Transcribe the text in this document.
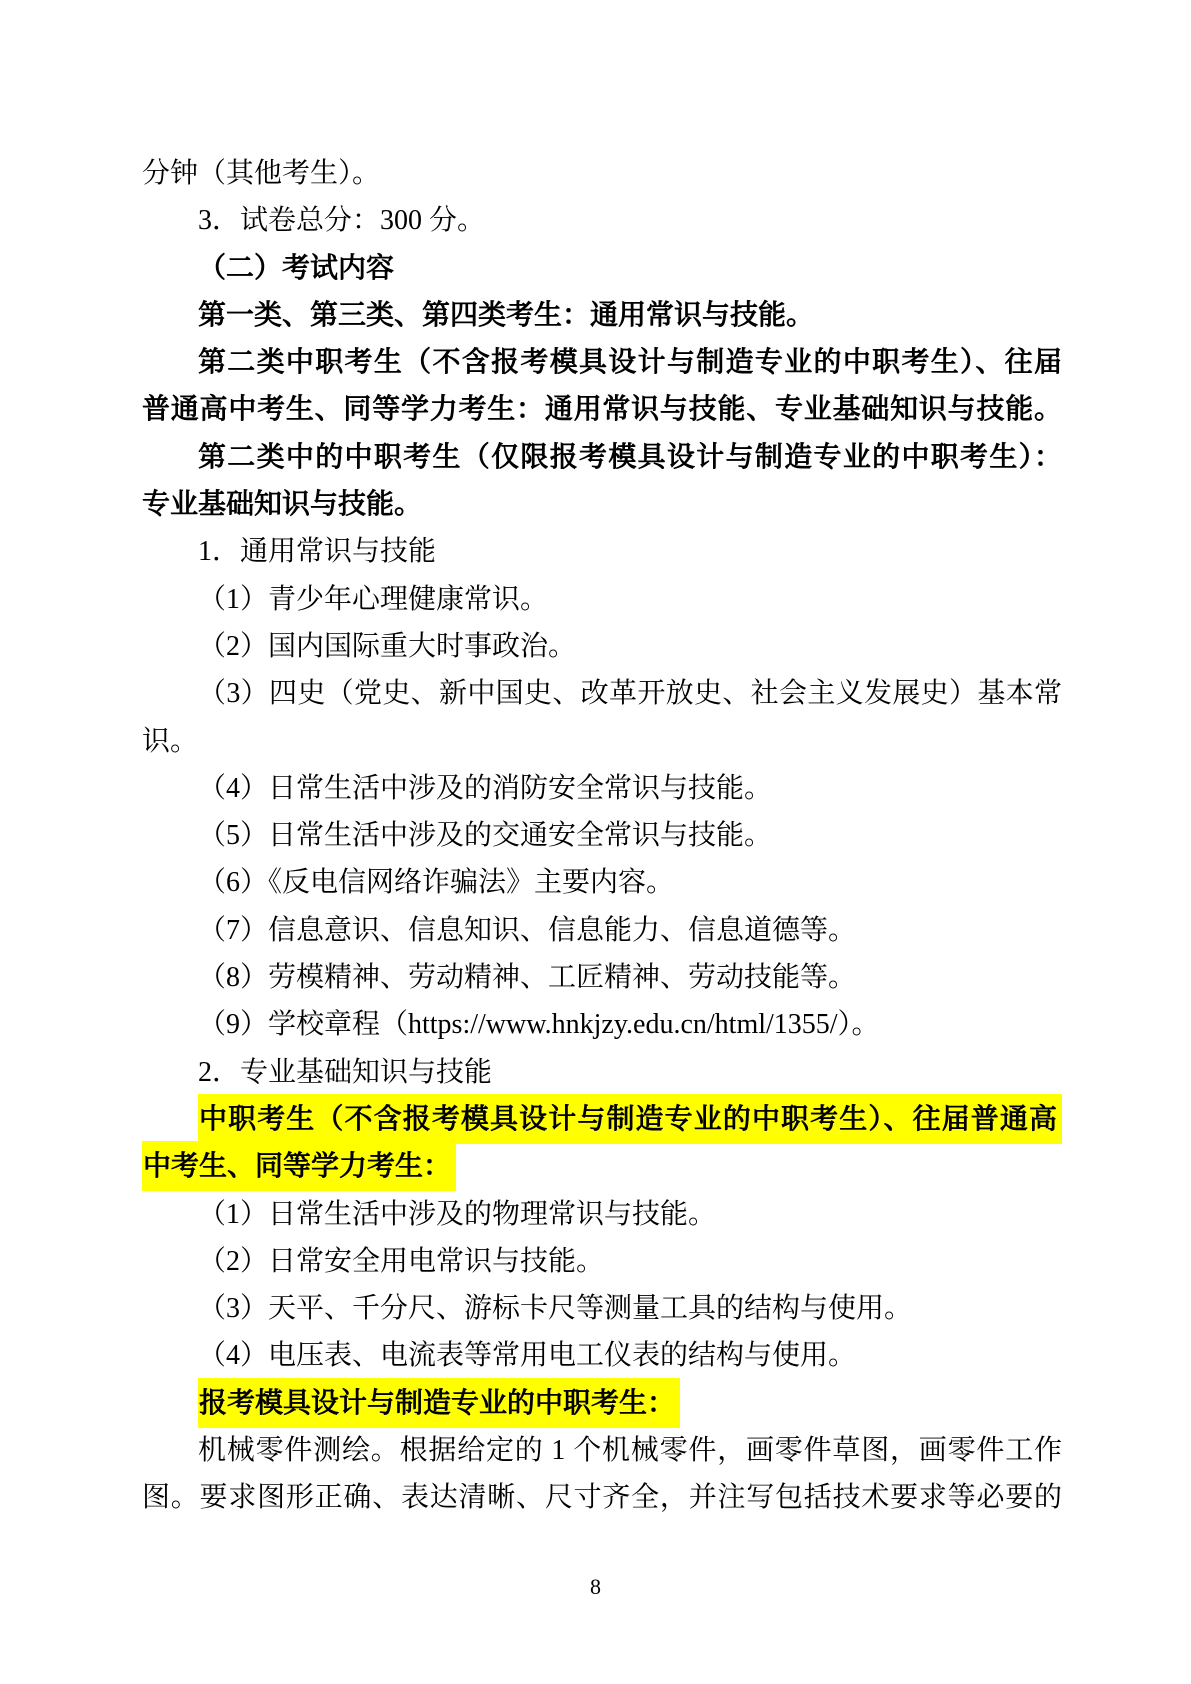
分钟（其他考生）。
3．试卷总分：300 分。
（二）考试内容
第一类、第三类、第四类考生：通用常识与技能。
第二类中职考生（不含报考模具设计与制造专业的中职考生）、往届
普通高中考生、同等学力考生：通用常识与技能、专业基础知识与技能。
第二类中的中职考生（仅限报考模具设计与制造专业的中职考生）：
专业基础知识与技能。
1．通用常识与技能
（1）青少年心理健康常识。
（2）国内国际重大时事政治。
（3）四史（党史、新中国史、改革开放史、社会主义发展史）基本常
识。
（4）日常生活中涉及的消防安全常识与技能。
（5）日常生活中涉及的交通安全常识与技能。
（6）《反电信网络诈骗法》主要内容。
（7）信息意识、信息知识、信息能力、信息道德等。
（8）劳模精神、劳动精神、工匠精神、劳动技能等。
（9）学校章程（https://www.hnkjzy.edu.cn/html/1355/）。
2．专业基础知识与技能
中职考生（不含报考模具设计与制造专业的中职考生）、往届普通高
中考生、同等学力考生：
（1）日常生活中涉及的物理常识与技能。
（2）日常安全用电常识与技能。
（3）天平、千分尺、游标卡尺等测量工具的结构与使用。
（4）电压表、电流表等常用电工仪表的结构与使用。
报考模具设计与制造专业的中职考生：
机械零件测绘。根据给定的 1 个机械零件，画零件草图，画零件工作
图。要求图形正确、表达清晰、尺寸齐全，并注写包括技术要求等必要的
8
